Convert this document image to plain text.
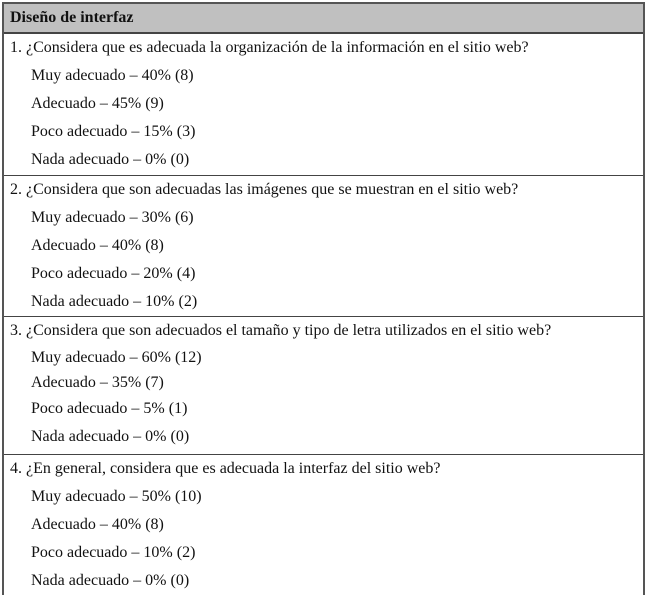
Diseño de interfaz
1. ¿Considera que es adecuada la organización de la información en el sitio web?
Muy adecuado – 40% (8)
Adecuado – 45% (9)
Poco adecuado – 15% (3)
Nada adecuado – 0% (0)
2. ¿Considera que son adecuadas las imágenes que se muestran en el sitio web?
Muy adecuado – 30% (6)
Adecuado – 40% (8)
Poco adecuado – 20% (4)
Nada adecuado – 10% (2)
3. ¿Considera que son adecuados el tamaño y tipo de letra utilizados en el sitio web?
Muy adecuado – 60% (12)
Adecuado – 35% (7)
Poco adecuado – 5% (1)
Nada adecuado – 0% (0)
4. ¿En general, considera que es adecuada la interfaz del sitio web?
Muy adecuado – 50% (10)
Adecuado – 40% (8)
Poco adecuado – 10% (2)
Nada adecuado – 0% (0)
